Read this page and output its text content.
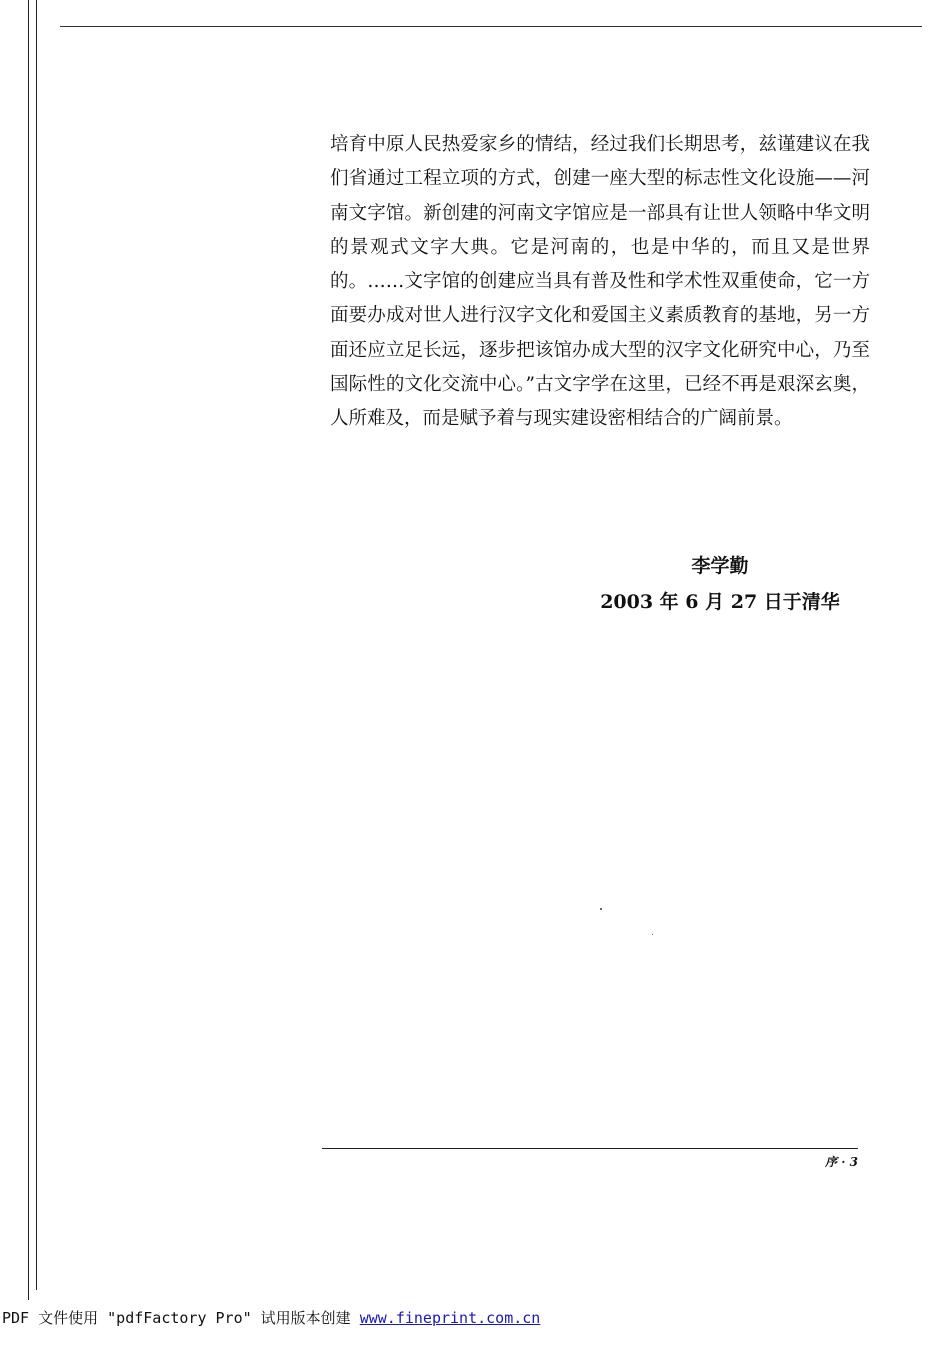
培育中原人民热爱家乡的情结，经过我们长期思考，兹谨建议在我们省通过工程立项的方式，创建一座大型的标志性文化设施——河南文字馆。新创建的河南文字馆应是一部具有让世人领略中华文明的景观式文字大典。它是河南的，也是中华的，而且又是世界的。……文字馆的创建应当具有普及性和学术性双重使命，它一方面要办成对世人进行汉字文化和爱国主义素质教育的基地，另一方面还应立足长远，逐步把该馆办成大型的汉字文化研究中心，乃至国际性的文化交流中心。”古文字学在这里，已经不再是艰深玄奥，人所难及，而是赋予着与现实建设密相结合的广阔前景。

李学勤
2003 年 6 月 27 日于清华
序 · 3
PDF 文件使用 "pdfFactory Pro" 试用版本创建 www.fineprint.com.cn
